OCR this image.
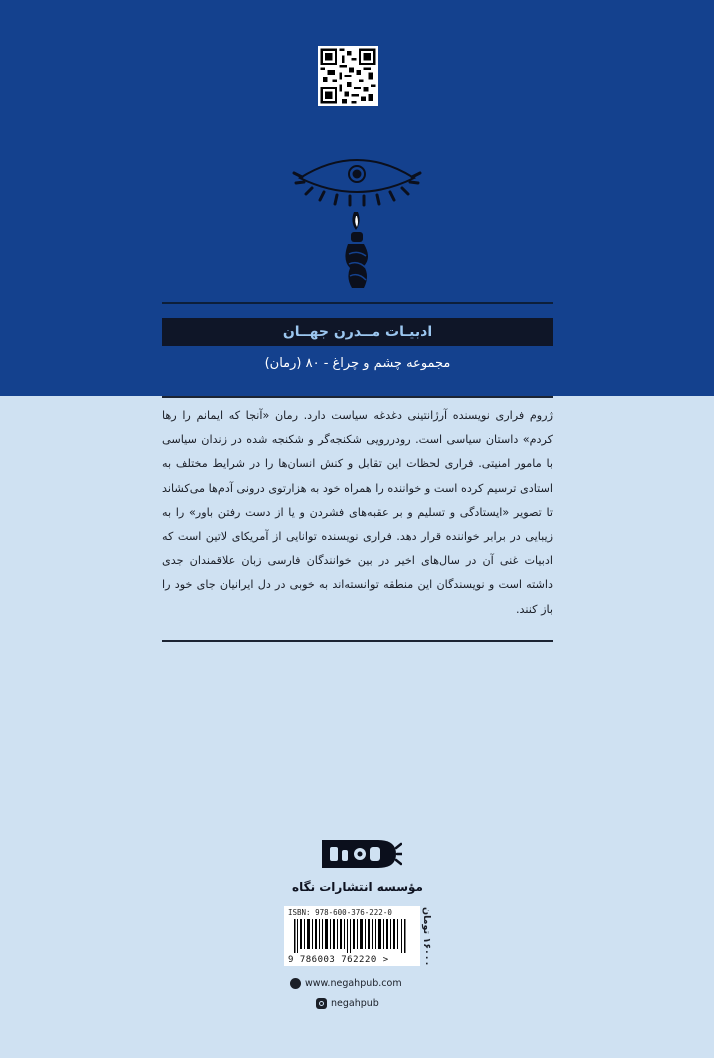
ادبیـات مــدرن جهــان
مجموعه چشم و چراغ - ۸۰ (رمان)
ژروم فراری نویسنده آرژانتینی دغدغه سیاست دارد. رمان «آنجا که ایمانم را رها کردم» داستان سیاسی است. رودررویی شکنجه‌گر و شکنجه شده در زندان سیاسی با مامور امنیتی. فراری لحظات این تقابل و کنش انسان‌ها را در شرایط مختلف به استادی ترسیم کرده است و خواننده را همراه خود به هزارتوی درونی آدم‌ها می‌کشاند تا تصویر «ایستادگی و تسلیم و بر عقبه‌های فشردن و یا از دست رفتن باور» را به زیبایی در برابر خواننده قرار دهد. فراری نویسنده توانایی از آمریکای لاتین است که ادبیات غنی آن در سال‌های اخیر در بین خوانندگان فارسی زبان علاقمندان جدی داشته است و نویسندگان این منطقه توانسته‌اند به خوبی در دل ایرانیان جای خود را باز کنند.
مؤسسه انتشارات نگاه
ISBN: 978-600-376-222-0
9 786003 762220 >
۱۶۰۰۰ تومان
www.negahpub.com
negahpub
